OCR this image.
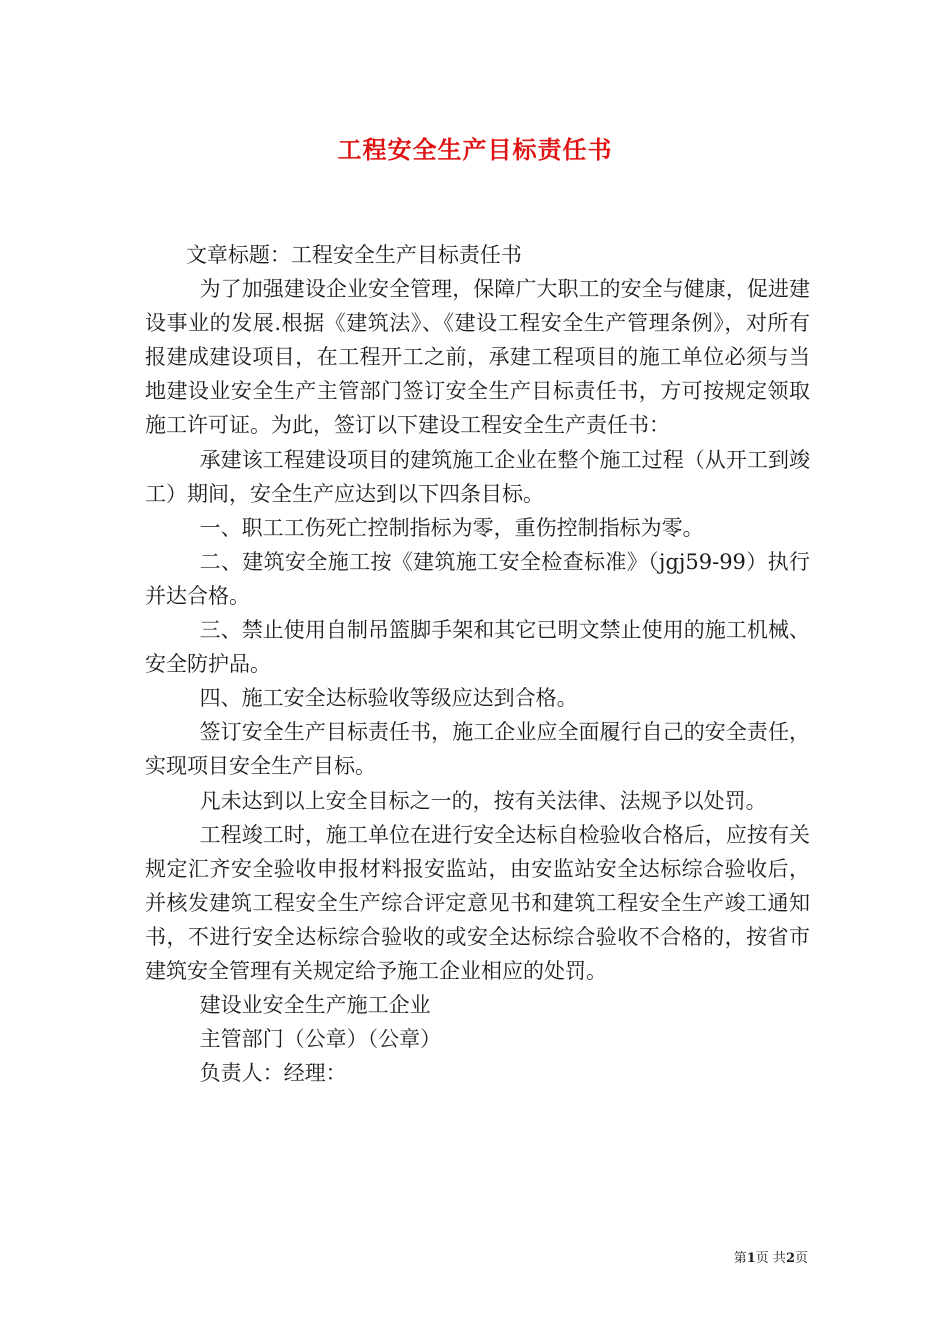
工程安全生产目标责任书

文章标题：工程安全生产目标责任书

为了加强建设企业安全管理，保障广大职工的安全与健康，促进建设事业的发展.根据《建筑法》、《建设工程安全生产管理条例》，对所有报建成建设项目，在工程开工之前，承建工程项目的施工单位必须与当地建设业安全生产主管部门签订安全生产目标责任书，方可按规定领取施工许可证。为此，签订以下建设工程安全生产责任书：

承建该工程建设项目的建筑施工企业在整个施工过程（从开工到竣工）期间，安全生产应达到以下四条目标。

一、职工工伤死亡控制指标为零，重伤控制指标为零。

二、建筑安全施工按《建筑施工安全检查标准》（jgj59-99）执行并达合格。

三、禁止使用自制吊篮脚手架和其它已明文禁止使用的施工机械、安全防护品。

四、施工安全达标验收等级应达到合格。

签订安全生产目标责任书，施工企业应全面履行自己的安全责任，实现项目安全生产目标。

凡未达到以上安全目标之一的，按有关法律、法规予以处罚。

工程竣工时，施工单位在进行安全达标自检验收合格后，应按有关规定汇齐安全验收申报材料报安监站，由安监站安全达标综合验收后，并核发建筑工程安全生产综合评定意见书和建筑工程安全生产竣工通知书，不进行安全达标综合验收的或安全达标综合验收不合格的，按省市建筑安全管理有关规定给予施工企业相应的处罚。

建设业安全生产施工企业

主管部门（公章）（公章）

负责人：经理：

第1页 共2页
